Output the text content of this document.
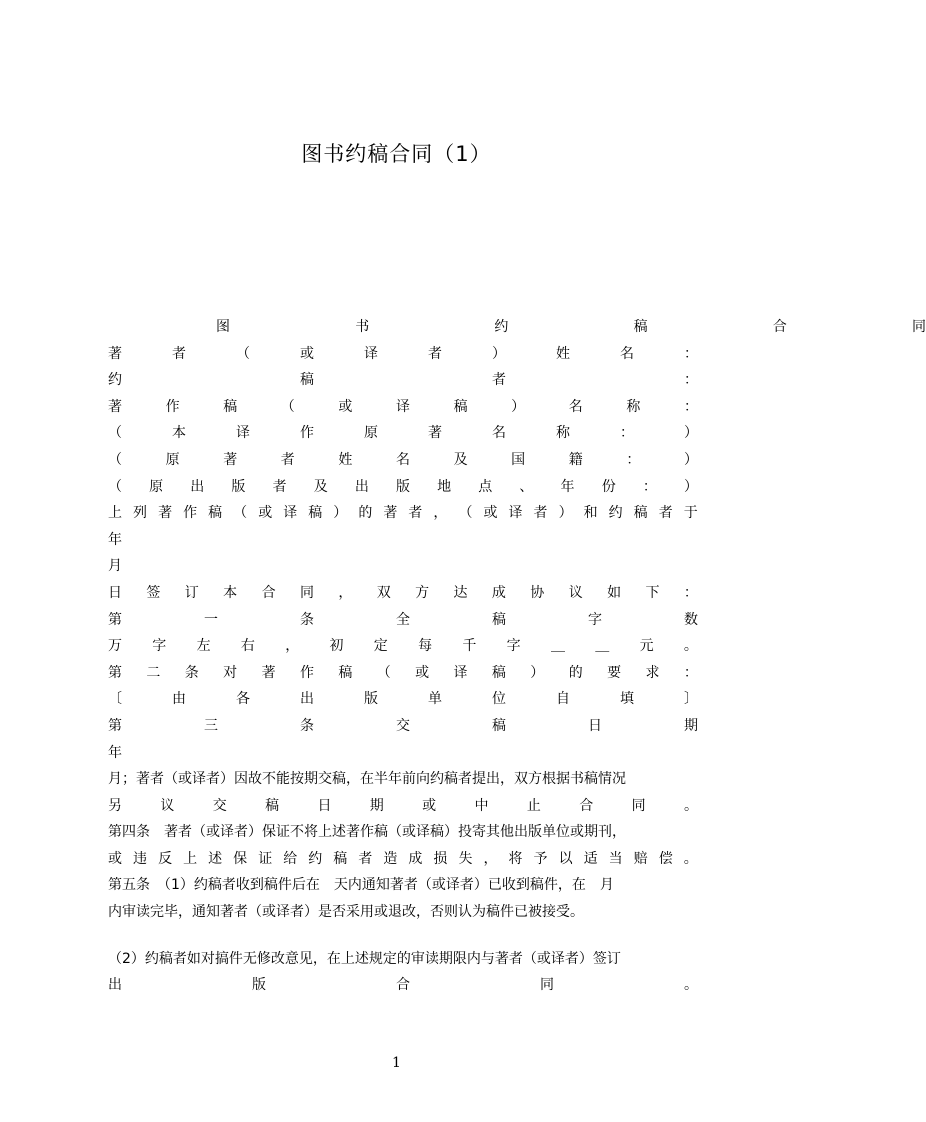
图书约稿合同（1）
图	书	约	稿	合	同
著	者	（	或	译	者	）	姓	名	：
约	稿	者	：
著	作	稿	（	或	译	稿	）	名	称	：
（	本	译	作	原	著	名	称	：	）
（	原	著	者	姓	名	及	国	籍	：	）
（ 原 出 版 者 及 出 版 地 点 、 年 份 ： ）
上 列 著 作 稿 （ 或 译 稿 ） 的 著 者 ， （ 或 译 者 ） 和 约 稿 者 于
年
月
日 签 订 本 合 同 ， 双 方 达 成 协 议 如 下 ：
第	一	条	全	稿	字	数
万 字 左 右 ， 初 定 每 千 字 ＿ ＿ 元 。
第 二 条 对 著 作 稿 （ 或 译 稿 ） 的 要 求 ：
〔	由	各	出	版	单	位	自	填	〕
第	三	条	交	稿	日	期
年
月；著者（或译者）因故不能按期交稿，在半年前向约稿者提出，双方根据书稿情况
另	议	交	稿	日	期	或	中	止	合	同	。
第四条　著者（或译者）保证不将上述著作稿（或译稿）投寄其他出版单位或期刊，
或 违 反 上 述 保 证 给 约 稿 者 造 成 损 失 ， 将 予 以 适 当 赔 偿 。
第五条　（1）约稿者收到稿件后在　天内通知著者（或译者）已收到稿件，在　月
内审读完毕，通知著者（或译者）是否采用或退改，否则认为稿件已被接受。
（2）约稿者如对搞件无修改意见，在上述规定的审读期限内与著者（或译者）签订
出	版	合	同	。
1
